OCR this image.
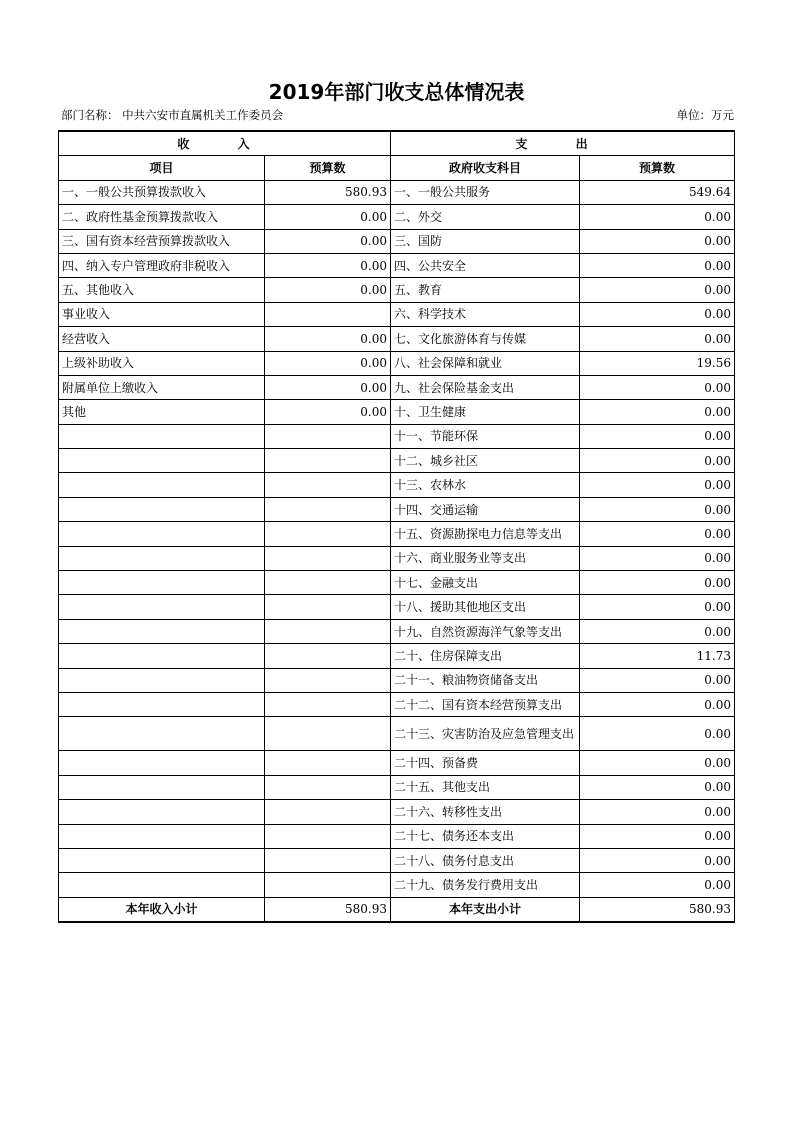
2019年部门收支总体情况表
部门名称： 中共六安市直属机关工作委员会	单位：万元
收 入		支 出	
项目	预算数	政府收支科目	预算数
一、一般公共预算拨款收入	580.93	一、一般公共服务	549.64
二、政府性基金预算拨款收入	0.00	二、外交	0.00
三、国有资本经营预算拨款收入	0.00	三、国防	0.00
四、纳入专户管理政府非税收入	0.00	四、公共安全	0.00
五、其他收入	0.00	五、教育	0.00
事业收入		六、科学技术	0.00
经营收入	0.00	七、文化旅游体育与传媒	0.00
上级补助收入	0.00	八、社会保障和就业	19.56
附属单位上缴收入	0.00	九、社会保险基金支出	0.00
其他	0.00	十、卫生健康	0.00
		十一、节能环保	0.00
		十二、城乡社区	0.00
		十三、农林水	0.00
		十四、交通运输	0.00
		十五、资源勘探电力信息等支出	0.00
		十六、商业服务业等支出	0.00
		十七、金融支出	0.00
		十八、援助其他地区支出	0.00
		十九、自然资源海洋气象等支出	0.00
		二十、住房保障支出	11.73
		二十一、粮油物资储备支出	0.00
		二十二、国有资本经营预算支出	0.00
		二十三、灾害防治及应急管理支出	0.00
		二十四、预备费	0.00
		二十五、其他支出	0.00
		二十六、转移性支出	0.00
		二十七、债务还本支出	0.00
		二十八、债务付息支出	0.00
		二十九、债务发行费用支出	0.00
本年收入小计	580.93	本年支出小计	580.93
